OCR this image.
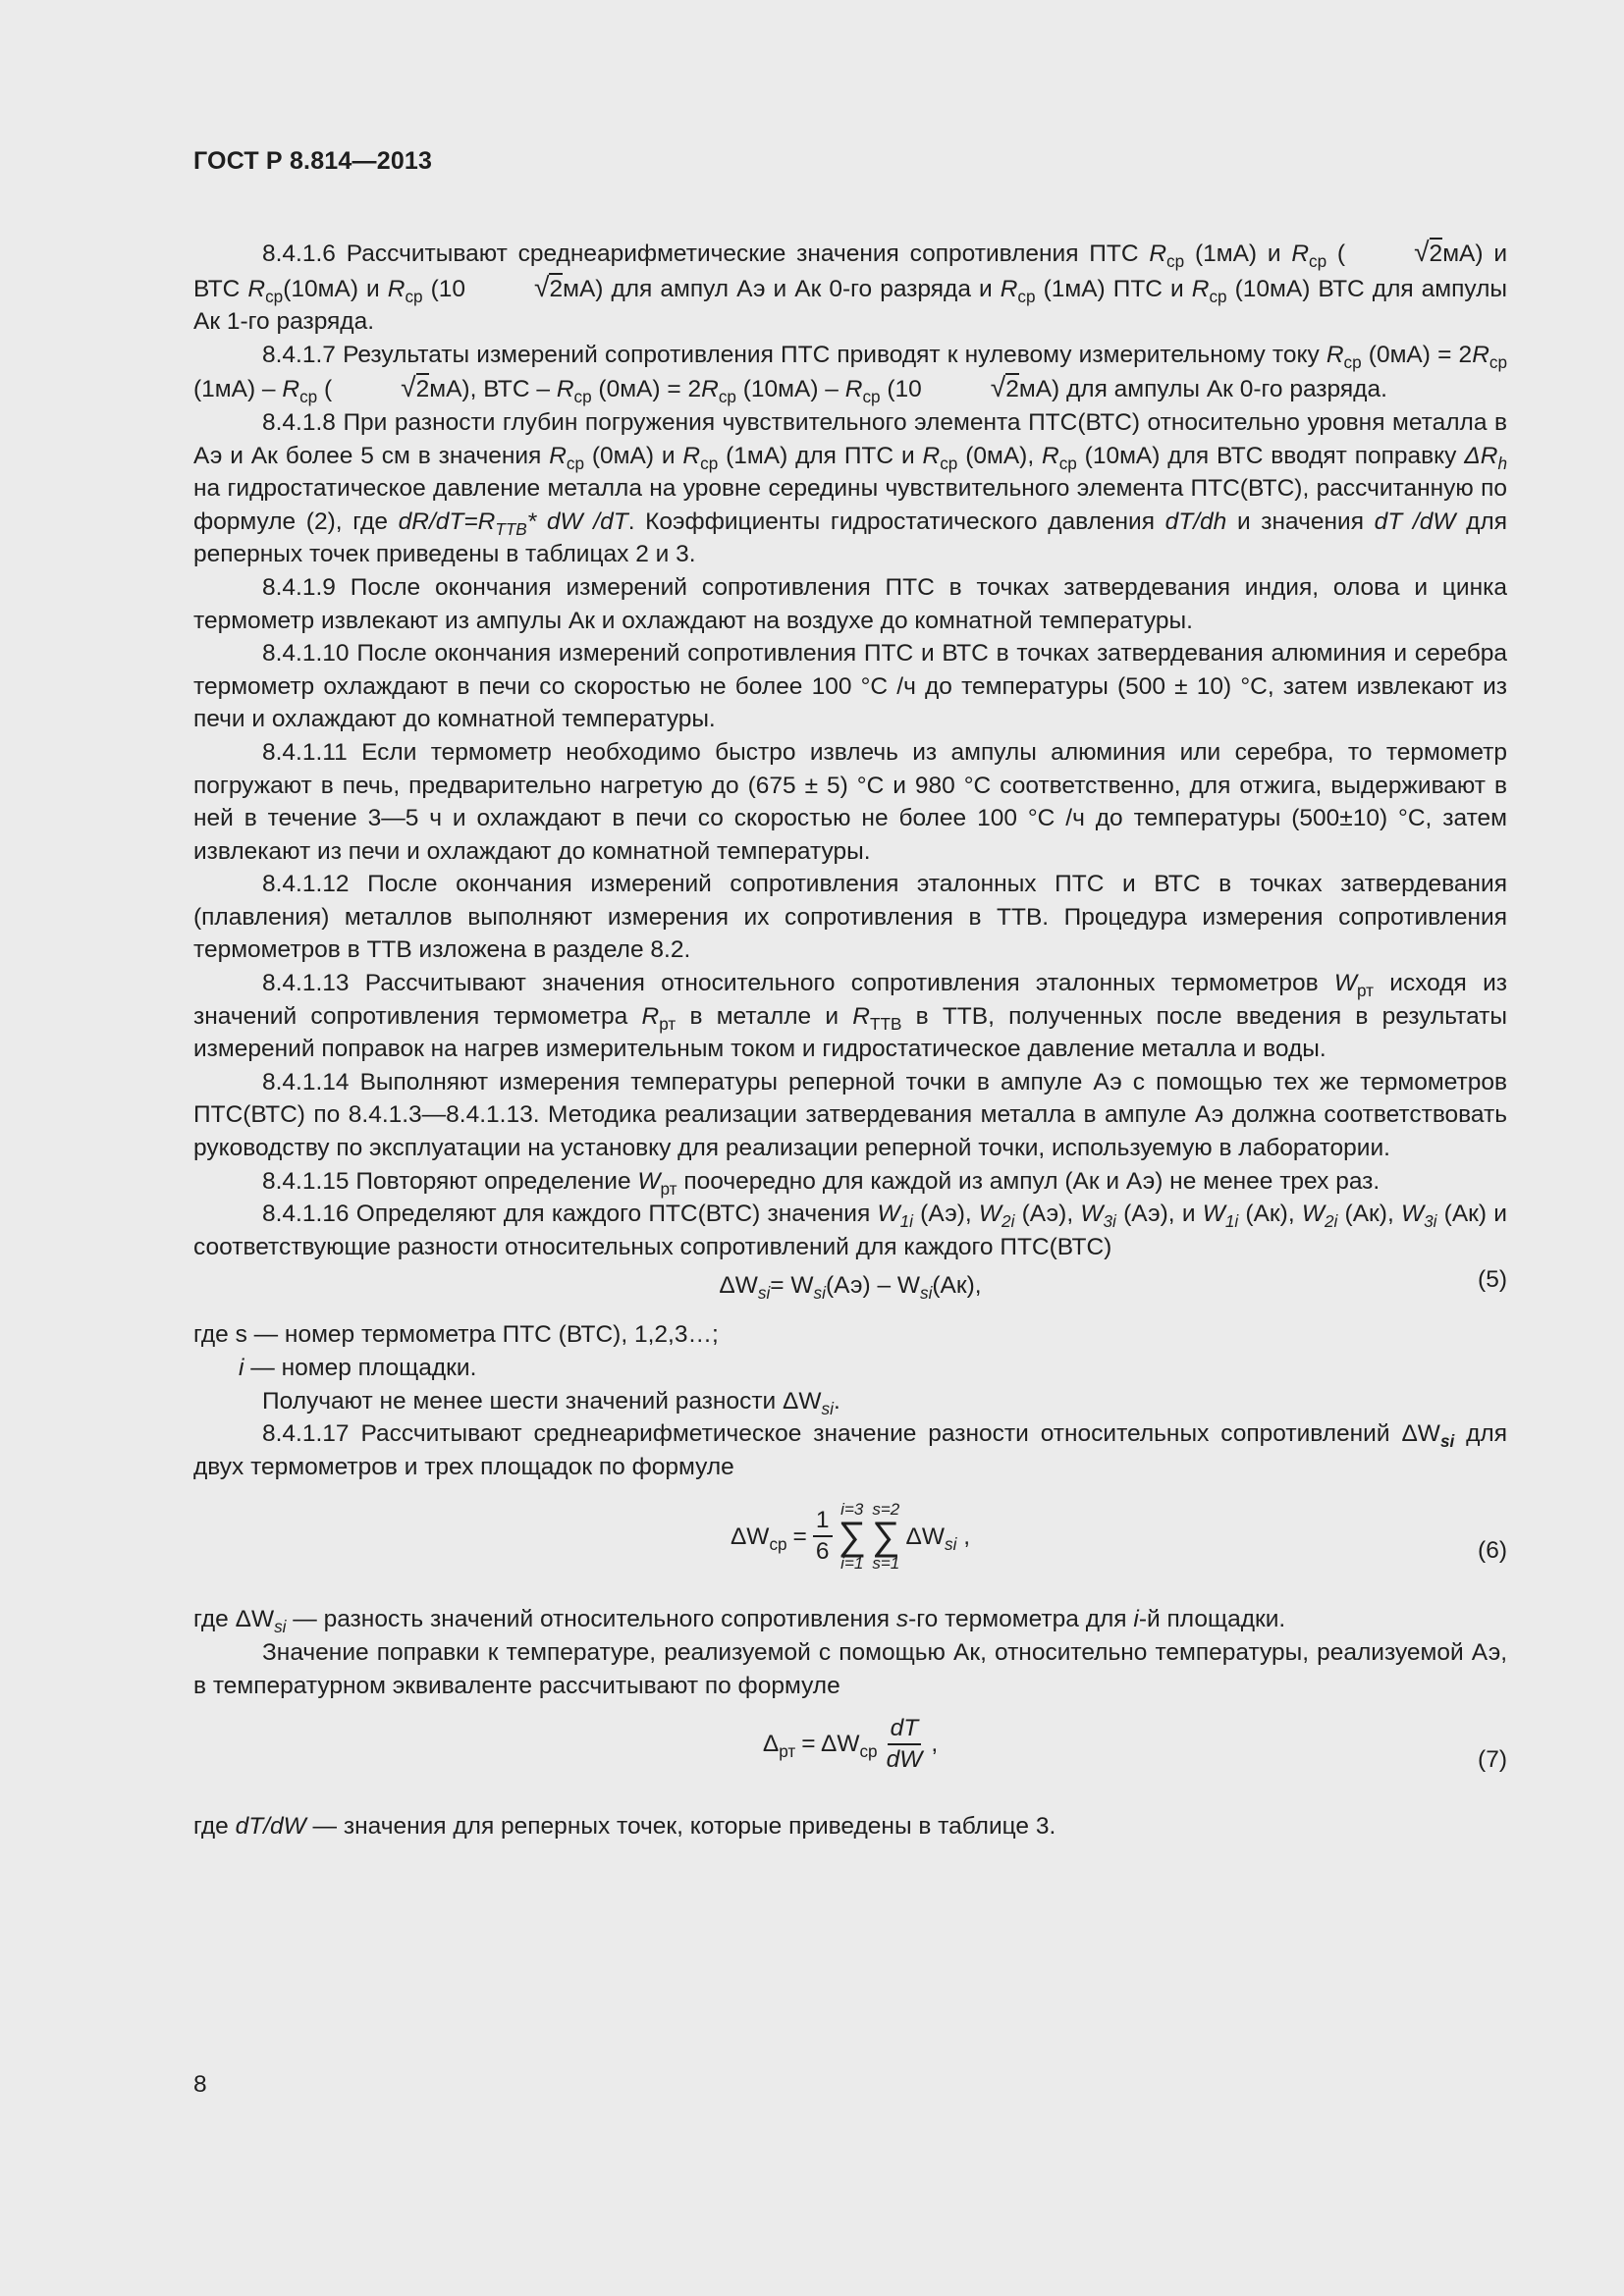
ГОСТ Р 8.814—2013

8.4.1.6 Рассчитывают среднеарифметические значения сопротивления ПТС $R_{ср}$ (1мА) и $R_{ср}$ ( √2мА) и ВТС $R_{ср}(10мА)$ и $R_{ср}$ (10 √2мА) для ампул Аэ и Ак 0-го разряда и $R_{ср}$ (1мА) ПТС и $R_{ср}$ (10мА) ВТС для ампулы Ак 1-го разряда.

8.4.1.7 Результаты измерений сопротивления ПТС приводят к нулевому измерительному току $R_{ср}$ $(0мА) = 2R_{ср}$ $(1мА) - R_{ср}$ ( √2мА), ВТС – $R_{ср}$ $(0мА) = 2R_{ср}$ $(10мА) - R_{ср}$ (10 √2мА) для ампулы Ак 0-го разряда.

8.4.1.8 При разности глубин погружения чувствительного элемента ПТС(ВТС) относительно уровня металла в Аэ и Ак более 5 см в значения $R_{ср}$ (0мА) и $R_{ср}$ (1мА) для ПТС и $R_{ср}$ (0мА), $R_{ср}$ (10мА) для ВТС вводят поправку $\Delta R_h$ на гидростатическое давление металла на уровне середины чувствительного элемента ПТС(ВТС), рассчитанную по формуле (2), где $dR/dT=R_{TTB}*$ dW /dT. Коэффициенты гидростатического давления dT/dh и значения dT /dW для реперных точек приведены в таблицах 2 и 3.

8.4.1.9 После окончания измерений сопротивления ПТС в точках затвердевания индия, олова и цинка термометр извлекают из ампулы Ак и охлаждают на воздухе до комнатной температуры.

8.4.1.10 После окончания измерений сопротивления ПТС и ВТС в точках затвердевания алюминия и серебра термометр охлаждают в печи со скоростью не более 100 °С /ч до температуры (500 ± 10) °С, затем извлекают из печи и охлаждают до комнатной температуры.

8.4.1.11 Если термометр необходимо быстро извлечь из ампулы алюминия или серебра, то термометр погружают в печь, предварительно нагретую до (675 ± 5) °С и 980 °С соответственно, для отжига, выдерживают в ней в течение 3—5 ч и охлаждают в печи со скоростью не более 100 °С /ч до температуры (500±10) °С, затем извлекают из печи и охлаждают до комнатной температуры.

8.4.1.12 После окончания измерений сопротивления эталонных ПТС и ВТС в точках затвердевания (плавления) металлов выполняют измерения их сопротивления в ТТВ. Процедура измерения сопротивления термометров в ТТВ изложена в разделе 8.2.

8.4.1.13 Рассчитывают значения относительного сопротивления эталонных термометров $W_{рт}$ исходя из значений сопротивления термометра $R_{рт}$ в металле и $R_{ТТВ}$ в ТТВ, полученных после введения в результаты измерений поправок на нагрев измерительным током и гидростатическое давление металла и воды.

8.4.1.14 Выполняют измерения температуры реперной точки в ампуле Аэ с помощью тех же термометров ПТС(ВТС) по 8.4.1.3—8.4.1.13. Методика реализации затвердевания металла в ампуле Аэ должна соответствовать руководству по эксплуатации на установку для реализации реперной точки, используемую в лаборатории.

8.4.1.15 Повторяют определение $W_{рт}$ поочередно для каждой из ампул (Ак и Аэ) не менее трех раз.

8.4.1.16 Определяют для каждого ПТС(ВТС) значения $W_{1i}$ (Аэ), $W_{2i}$ (Аэ), $W_{3i}$ (Аэ), и $W_{1i}$ (Ак), $W_{2i}$ (Ак), $W_{3i}$ (Ак) и соответствующие разности относительных сопротивлений для каждого ПТС(ВТС)

$\Delta W_{si}= W_{si}(Аэ) - W_{si}(Ак)$,	(5)

где s — номер термометра ПТС (ВТС), 1,2,3…;

i — номер площадки.

Получают не менее шести значений разности $\Delta W_{si}$.

8.4.1.17 Рассчитывают среднеарифметическое значение разности относительных сопротивлений $\Delta W_{si}$ для двух термометров и трех площадок по формуле

$\Delta W_{ср} = \frac{1}{6} i=3$
∑
i=1
s=2
∑
s=1
$\Delta W_{si}$ ,
(6)

где $\Delta W_{si}$ — разность значений относительного сопротивления s-го термометра для i-й площадки.

Значение поправки к температуре, реализуемой с помощью Ак, относительно температуры, реализуемой Аэ, в температурном эквиваленте рассчитывают по формуле

$\Delta_{рт} = \Delta W_{ср} \frac{dT}{dW}$ ,
(7)

где dT/dW — значения для реперных точек, которые приведены в таблице 3.

8
